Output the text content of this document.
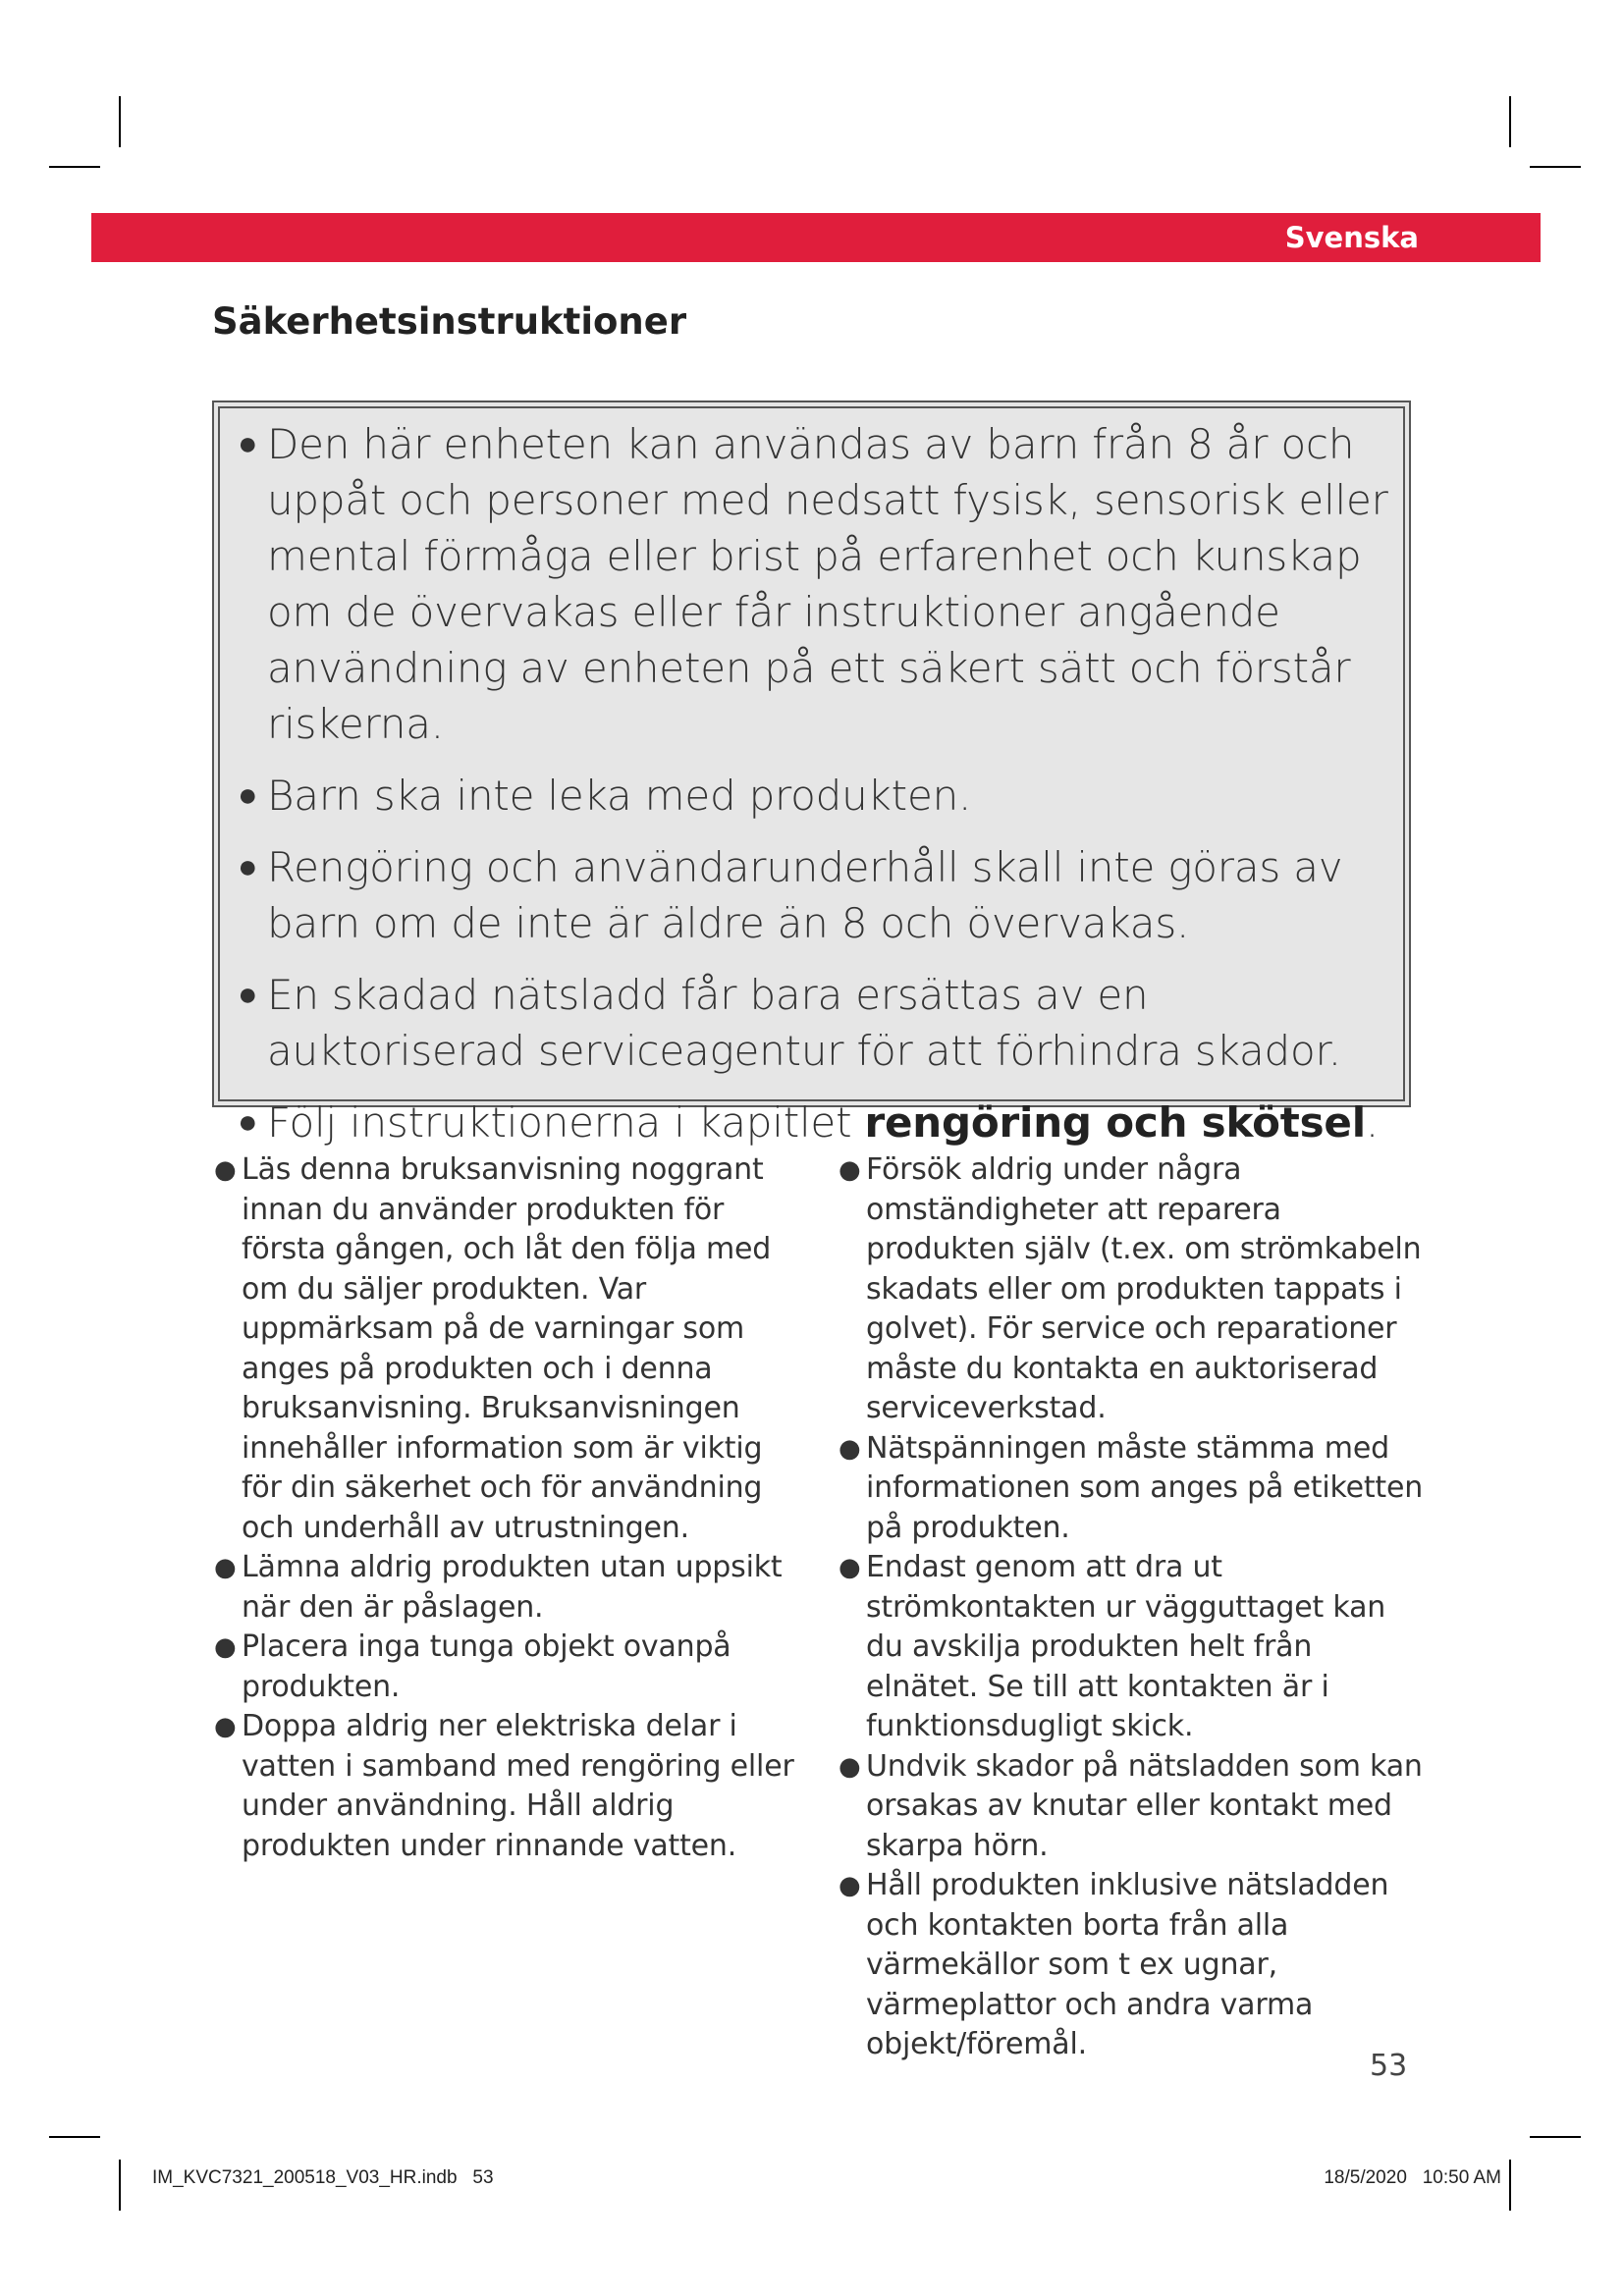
Svenska
Säkerhetsinstruktioner
● Den här enheten kan användas av barn från 8 år och uppåt och personer med nedsatt fysisk, sensorisk eller mental förmåga eller brist på erfarenhet och kunskap om de övervakas eller får instruktioner angående användning av enheten på ett säkert sätt och förstår riskerna.
● Barn ska inte leka med produkten.
● Rengöring och användarunderhåll skall inte göras av barn om de inte är äldre än 8 och övervakas.
● En skadad nätsladd får bara ersättas av en auktoriserad serviceagentur för att förhindra skador.
● Följ instruktionerna i kapitlet rengöring och skötsel.
● Läs denna bruksanvisning noggrant innan du använder produkten för första gången, och låt den följa med om du säljer produkten. Var uppmärksam på de varningar som anges på produkten och i denna bruksanvisning. Bruksanvisningen innehåller information som är viktig för din säkerhet och för användning och underhåll av utrustningen.
● Lämna aldrig produkten utan uppsikt när den är påslagen.
● Placera inga tunga objekt ovanpå produkten.
● Doppa aldrig ner elektriska delar i vatten i samband med rengöring eller under användning. Håll aldrig produkten under rinnande vatten.
● Försök aldrig under några omständigheter att reparera produkten själv (t.ex. om strömkabeln skadats eller om produkten tappats i golvet). För service och reparationer måste du kontakta en auktoriserad serviceverkstad.
● Nätspänningen måste stämma med informationen som anges på etiketten på produkten.
● Endast genom att dra ut strömkontakten ur vägguttaget kan du avskilja produkten helt från elnätet. Se till att kontakten är i funktionsdugligt skick.
● Undvik skador på nätsladden som kan orsakas av knutar eller kontakt med skarpa hörn.
● Håll produkten inklusive nätsladden och kontakten borta från alla värmekällor som t ex ugnar, värmeplattor och andra varma objekt/föremål.
53
IM_KVC7321_200518_V03_HR.indb   53	18/5/2020   10:50 AM
